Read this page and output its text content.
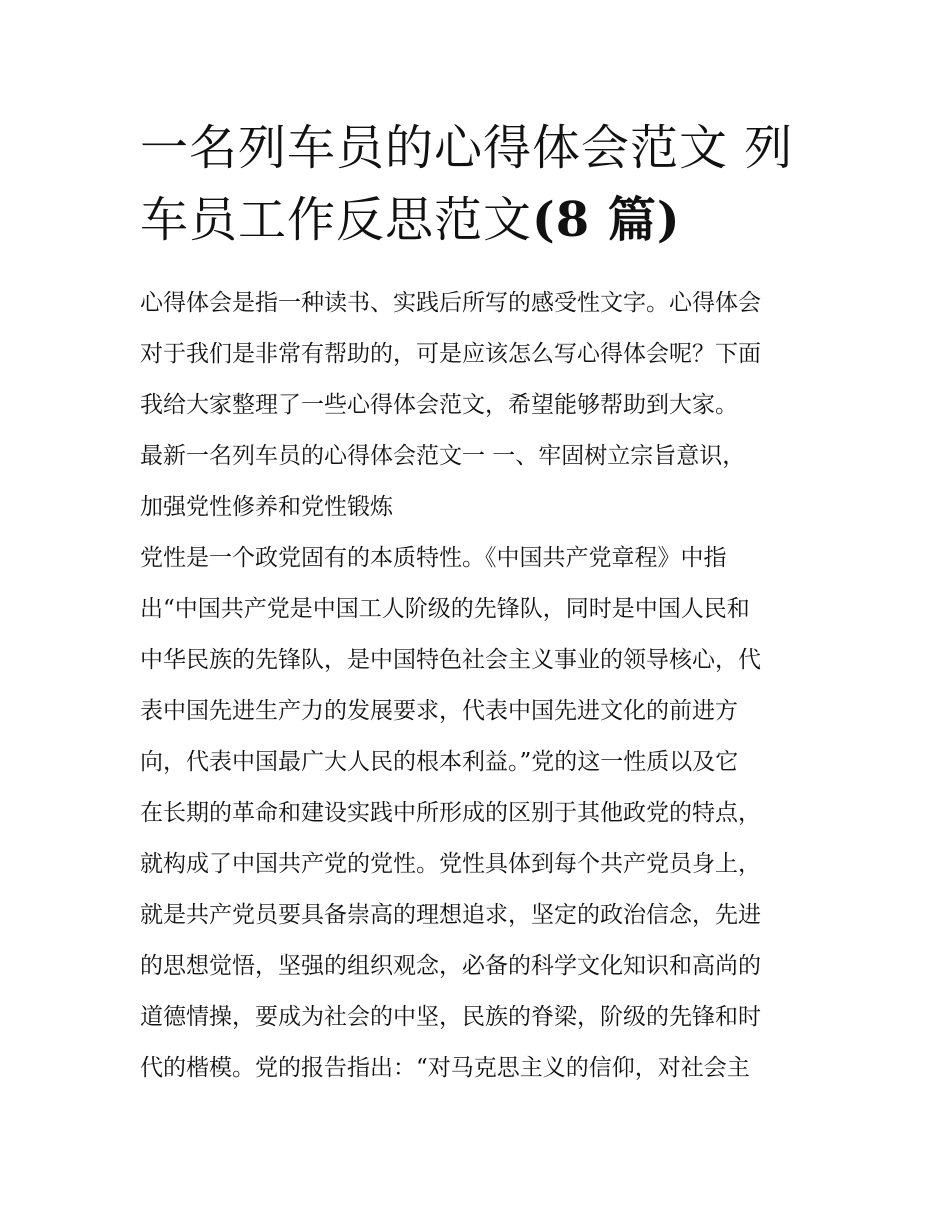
一名列车员的心得体会范文 列
车员工作反思范文(8 篇)
心得体会是指一种读书、实践后所写的感受性文字。心得体会
对于我们是非常有帮助的，可是应该怎么写心得体会呢？下面
我给大家整理了一些心得体会范文，希望能够帮助到大家。
最新一名列车员的心得体会范文一 一、牢固树立宗旨意识，
加强党性修养和党性锻炼
党性是一个政党固有的本质特性。《中国共产党章程》中指
出“中国共产党是中国工人阶级的先锋队，同时是中国人民和
中华民族的先锋队，是中国特色社会主义事业的领导核心，代
表中国先进生产力的发展要求，代表中国先进文化的前进方
向，代表中国最广大人民的根本利益。”党的这一性质以及它
在长期的革命和建设实践中所形成的区别于其他政党的特点，
就构成了中国共产党的党性。党性具体到每个共产党员身上，
就是共产党员要具备崇高的理想追求，坚定的政治信念，先进
的思想觉悟，坚强的组织观念，必备的科学文化知识和高尚的
道德情操，要成为社会的中坚，民族的脊梁，阶级的先锋和时
代的楷模。党的报告指出：“对马克思主义的信仰，对社会主
